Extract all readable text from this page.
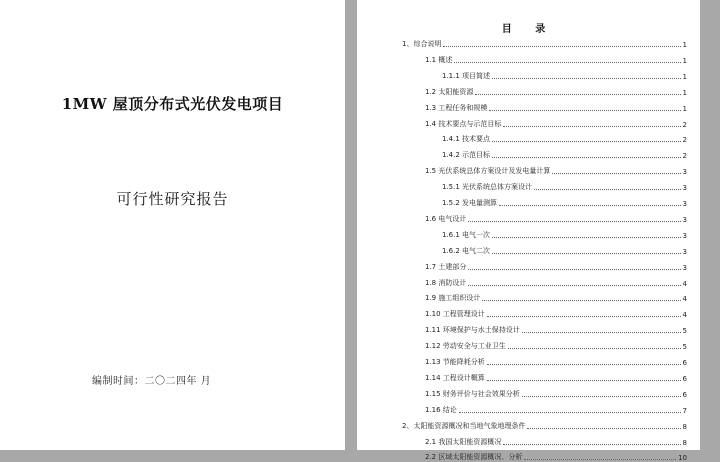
1MW 屋顶分布式光伏发电项目
可行性研究报告
编制时间：二〇二四年 月
目 录
1、综合说明	1
1.1 概述	1
1.1.1 项目简述	1
1.2 太阳能资源	1
1.3 工程任务和规模	1
1.4 技术要点与示范目标	2
1.4.1 技术要点	2
1.4.2 示范目标	2
1.5 光伏系统总体方案设计及发电量计算	3
1.5.1 光伏系统总体方案设计	3
1.5.2 发电量测算	3
1.6 电气设计	3
1.6.1 电气一次	3
1.6.2 电气二次	3
1.7 土建部分	3
1.8 消防设计	4
1.9 施工组织设计	4
1.10 工程管理设计	4
1.11 环境保护与水土保持设计	5
1.12 劳动安全与工业卫生	5
1.13 节能降耗分析	6
1.14 工程设计概算	6
1.15 财务评价与社会效果分析	6
1.16 结论	7
2、太阳能资源概况和当地气象地理条件	8
2.1 我国太阳能资源概况	8
2.2 区域太阳能资源概况、分析	10
